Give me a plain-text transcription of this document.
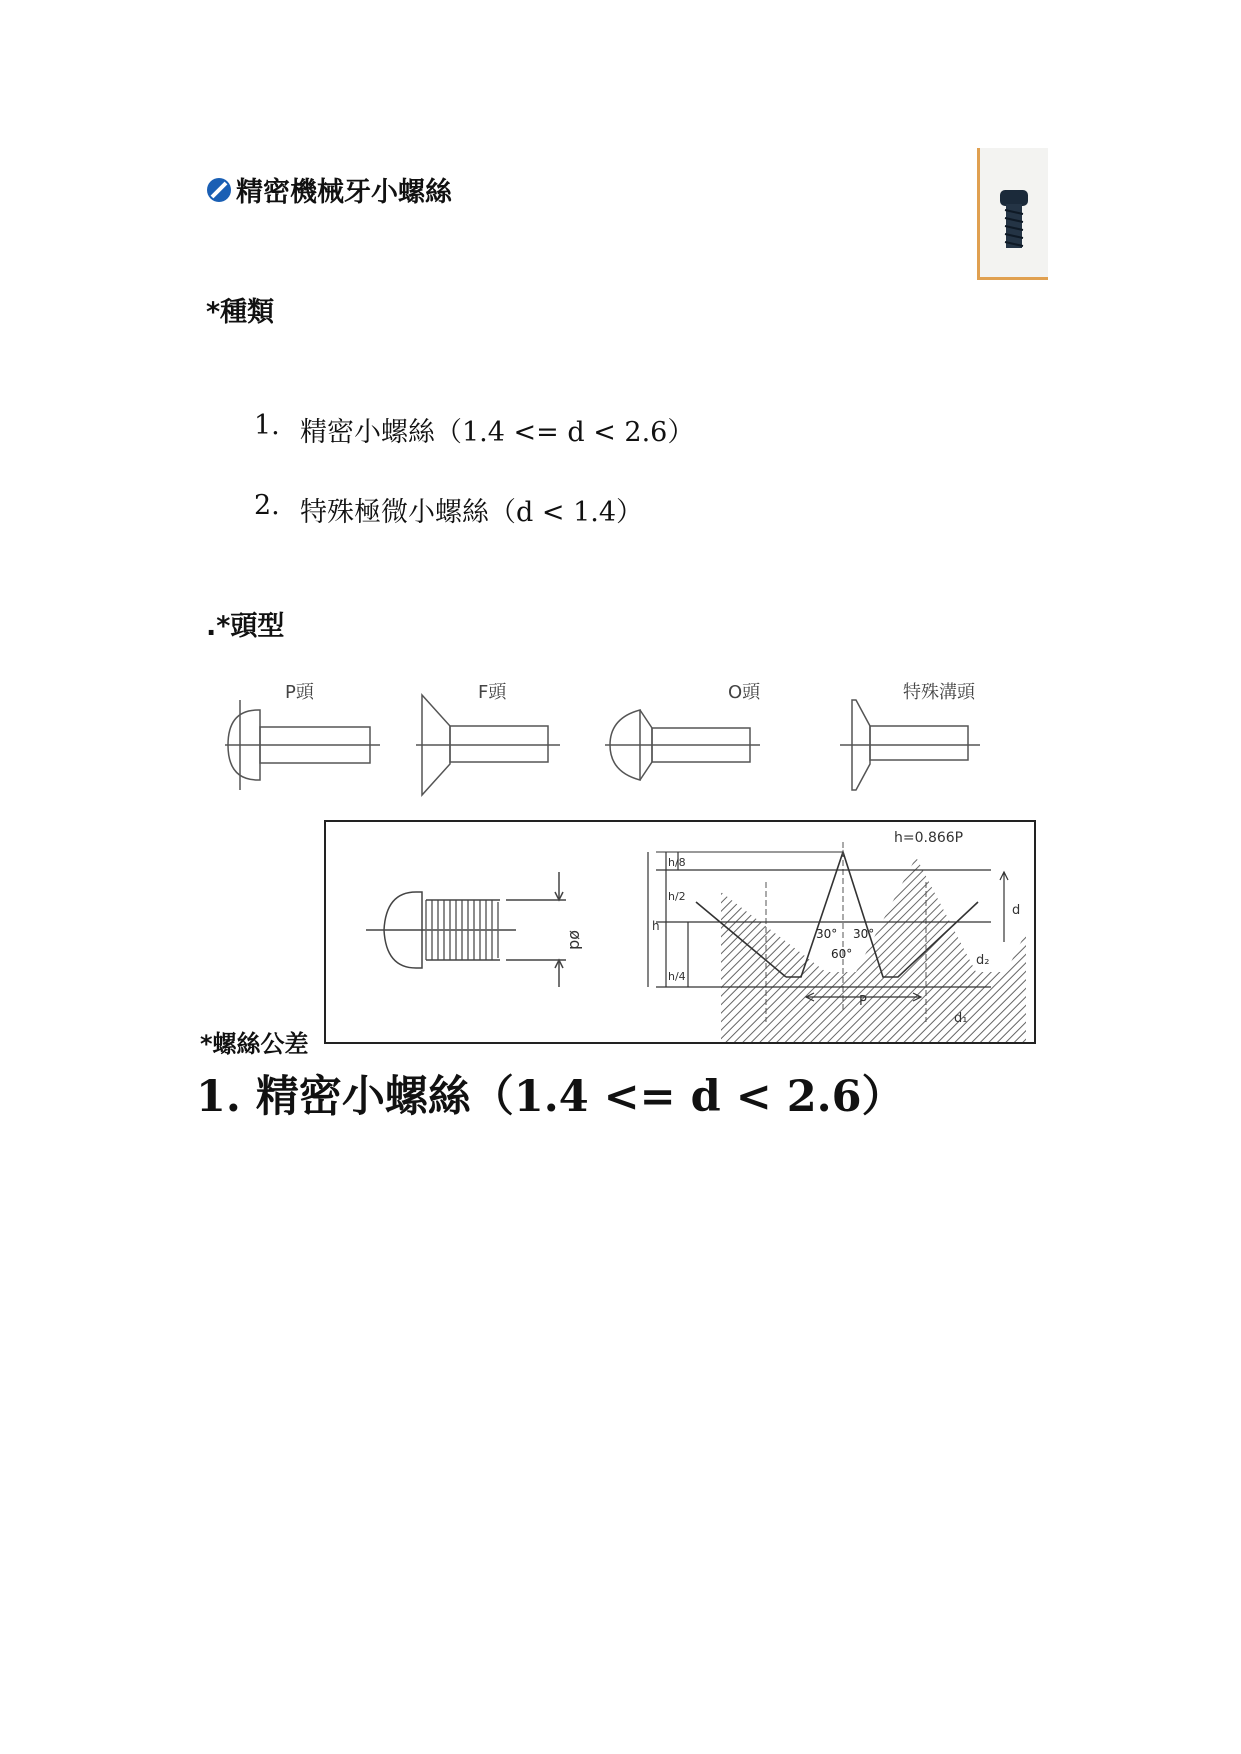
精密機械牙小螺絲
*種類
1. 精密小螺絲（1.4 <= d < 2.6）
2. 特殊極微小螺絲（d < 1.4）
.*頭型
P頭	F頭	O頭	特殊溝頭
*螺絲公差
ød
h=0.866P
P
30° 30°
60°
d
d₂
d₁
h
h/8
h/2
h/4
1. 精密小螺絲（1.4 <= d < 2.6）
